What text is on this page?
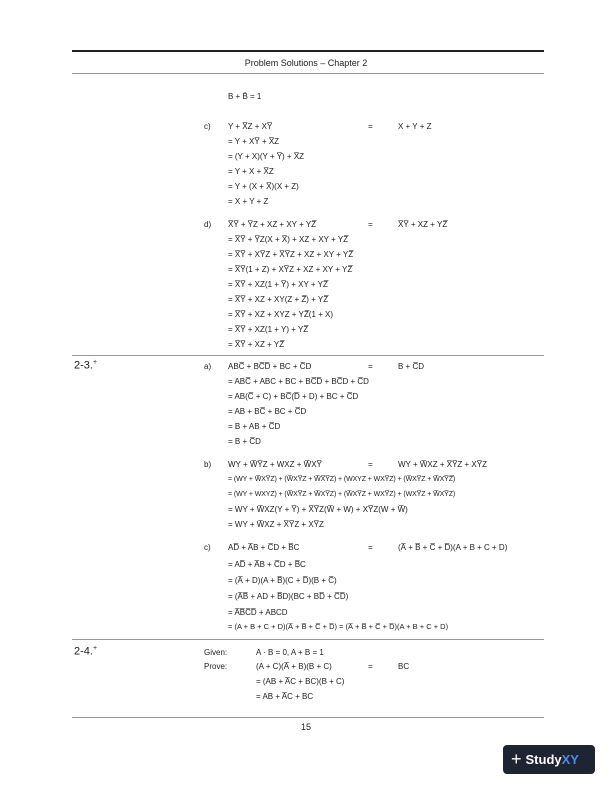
Problem Solutions – Chapter 2
B + B̄ = 1
c) Y + X̅Z + XY̅	=	X + Y + Z
= Y + XY̅ + X̅Z
= (Y + X)(Y + Y̅) + X̅Z
= Y + X + X̅Z
= Y + (X + X̅)(X + Z)
= X + Y + Z
d) X̅Y̅ + Y̅Z + XZ + XY + YZ̅	=	X̅Y̅ + XZ + YZ̅
= X̅Y̅ + Y̅Z(X + X̅) + XZ + XY + YZ̅
= X̅Y̅ + XY̅Z + X̅Y̅Z + XZ + XY + YZ̅
= X̅Y̅(1 + Z) + XY̅Z + XZ + XY + YZ̅
= X̅Y̅ + XZ(1 + Y̅) + XY + YZ̅
= X̅Y̅ + XZ + XY(Z + Z̅) + YZ̅
= X̅Y̅ + XZ + XYZ + YZ̅(1 + X)
= X̅Y̅ + XZ(1 + Y) + YZ̅
= X̅Y̅ + XZ + YZ̅
2-3.+	a) ABC̅ + BC̅D̅ + BC + C̅D	=	B + C̅D
= ABC̅ + ABC + BC + BC̅D̅ + BC̅D + C̅D
= AB(C̅ + C) + BC̅(D̅ + D) + BC + C̅D
= AB + BC̅ + BC + C̅D
= B + AB + C̅D
= B + C̅D
b) WY + W̅Y̅Z + WXZ + W̅XY̅	=	WY + W̅XZ + X̅Y̅Z + XY̅Z
= (WY + W̅XY̅Z) + (W̅XY̅Z + W̅X̅Y̅Z) + (WXYZ + WXY̅Z) + (W̅XY̅Z + W̅XY̅Z̅)
= (WY + WXYZ) + (W̅XY̅Z + W̅XY̅Z) + (W̅XY̅Z + WXY̅Z) + (WXY̅Z + W̅XY̅Z)
= WY + W̅XZ(Y + Y̅) + X̅Y̅Z(W̅ + W) + XY̅Z(W + W̅)
= WY + W̅XZ + X̅Y̅Z + XY̅Z
c) AD̅ + A̅B + C̅D + B̅C	=	(A̅ + B̅ + C̅ + D̅)(A + B + C + D)
= AD̅ + A̅B + C̅D + B̅C
= (A̅ + D)(A + B̅)(C + D̅)(B + C̅)
= (A̅B̅ + AD + B̅D)(BC + BD̅ + C̅D̅)
= A̅B̅C̅D̅ + ABCD
= (A + B + C + D)(A̅ + B̅ + C̅ + D̅) = (A̅ + B̅ + C̅ + D̅)(A + B + C + D)
2-4.+	Given:	A · B = 0, A + B = 1
Prove:	(A + C)(A̅ + B)(B + C)	=	BC
= (AB + A̅C + BC)(B + C)
= AB + A̅C + BC
15
+ Study XY
